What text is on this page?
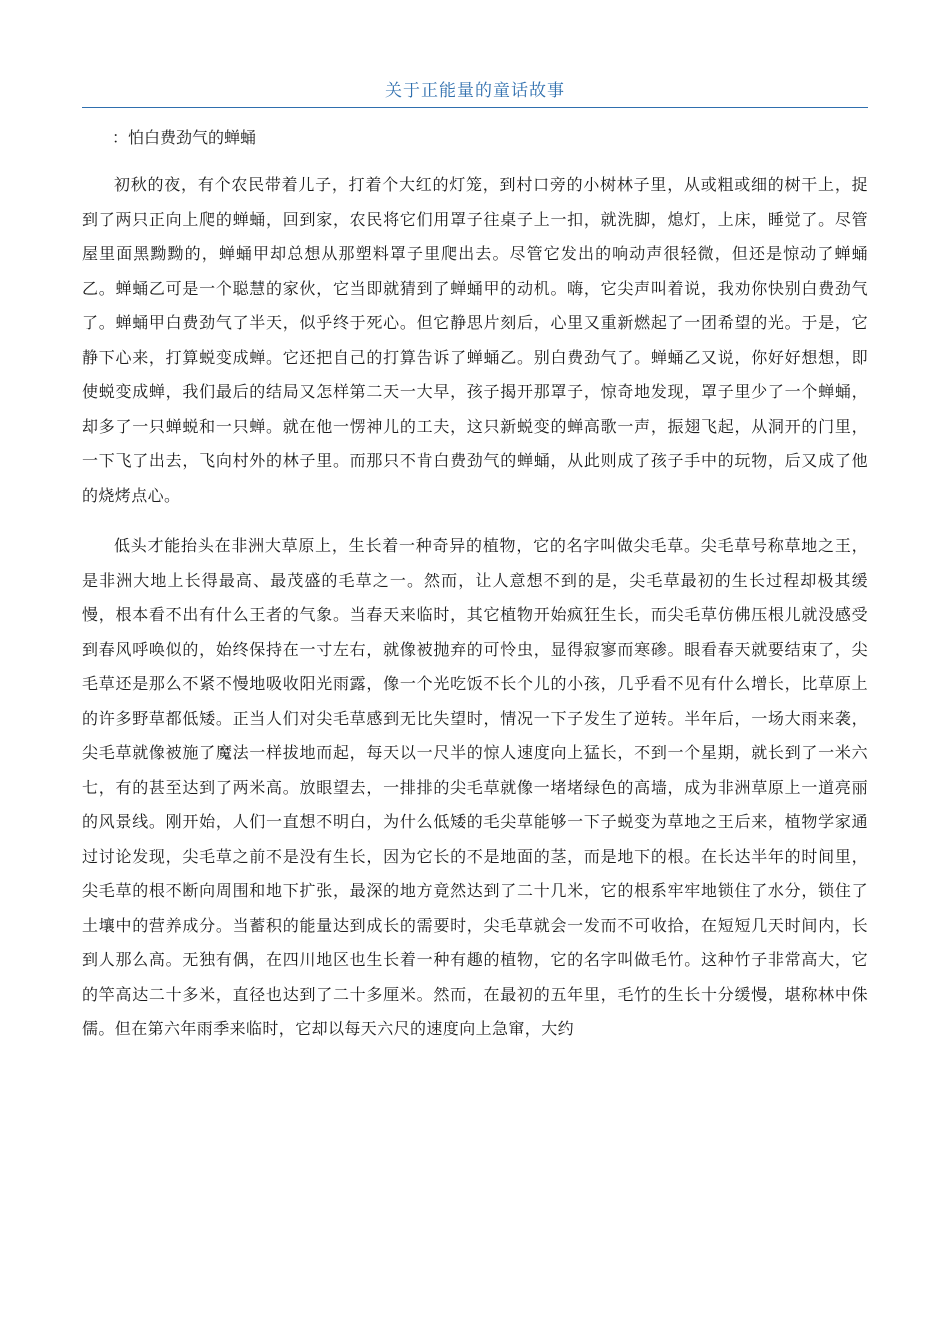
关于正能量的童话故事
：怕白费劲气的蝉蛹

初秋的夜，有个农民带着儿子，打着个大红的灯笼，到村口旁的小树林子里，从或粗或细的树干上，捉到了两只正向上爬的蝉蛹，回到家，农民将它们用罩子往桌子上一扣，就洗脚，熄灯，上床，睡觉了。尽管屋里面黑黝黝的，蝉蛹甲却总想从那塑料罩子里爬出去。尽管它发出的响动声很轻微，但还是惊动了蝉蛹乙。蝉蛹乙可是一个聪慧的家伙，它当即就猜到了蝉蛹甲的动机。嗨，它尖声叫着说，我劝你快别白费劲气了。蝉蛹甲白费劲气了半天，似乎终于死心。但它静思片刻后，心里又重新燃起了一团希望的光。于是，它静下心来，打算蜕变成蝉。它还把自己的打算告诉了蝉蛹乙。别白费劲气了。蝉蛹乙又说，你好好想想，即使蜕变成蝉，我们最后的结局又怎样第二天一大早，孩子揭开那罩子，惊奇地发现，罩子里少了一个蝉蛹，却多了一只蝉蜕和一只蝉。就在他一愣神儿的工夫，这只新蜕变的蝉高歌一声，振翅飞起，从洞开的门里，一下飞了出去，飞向村外的林子里。而那只不肯白费劲气的蝉蛹，从此则成了孩子手中的玩物，后又成了他的烧烤点心。

低头才能抬头在非洲大草原上，生长着一种奇异的植物，它的名字叫做尖毛草。尖毛草号称草地之王，是非洲大地上长得最高、最茂盛的毛草之一。然而，让人意想不到的是，尖毛草最初的生长过程却极其缓慢，根本看不出有什么王者的气象。当春天来临时，其它植物开始疯狂生长，而尖毛草仿佛压根儿就没感受到春风呼唤似的，始终保持在一寸左右，就像被抛弃的可怜虫，显得寂寥而寒碜。眼看春天就要结束了，尖毛草还是那么不紧不慢地吸收阳光雨露，像一个光吃饭不长个儿的小孩，几乎看不见有什么增长，比草原上的许多野草都低矮。正当人们对尖毛草感到无比失望时，情况一下子发生了逆转。半年后，一场大雨来袭，尖毛草就像被施了魔法一样拔地而起，每天以一尺半的惊人速度向上猛长，不到一个星期，就长到了一米六七，有的甚至达到了两米高。放眼望去，一排排的尖毛草就像一堵堵绿色的高墙，成为非洲草原上一道亮丽的风景线。刚开始，人们一直想不明白，为什么低矮的毛尖草能够一下子蜕变为草地之王后来，植物学家通过讨论发现，尖毛草之前不是没有生长，因为它长的不是地面的茎，而是地下的根。在长达半年的时间里，尖毛草的根不断向周围和地下扩张，最深的地方竟然达到了二十几米，它的根系牢牢地锁住了水分，锁住了土壤中的营养成分。当蓄积的能量达到成长的需要时，尖毛草就会一发而不可收拾，在短短几天时间内，长到人那么高。无独有偶，在四川地区也生长着一种有趣的植物，它的名字叫做毛竹。这种竹子非常高大，它的竿高达二十多米，直径也达到了二十多厘米。然而，在最初的五年里，毛竹的生长十分缓慢，堪称林中侏儒。但在第六年雨季来临时，它却以每天六尺的速度向上急窜，大约
